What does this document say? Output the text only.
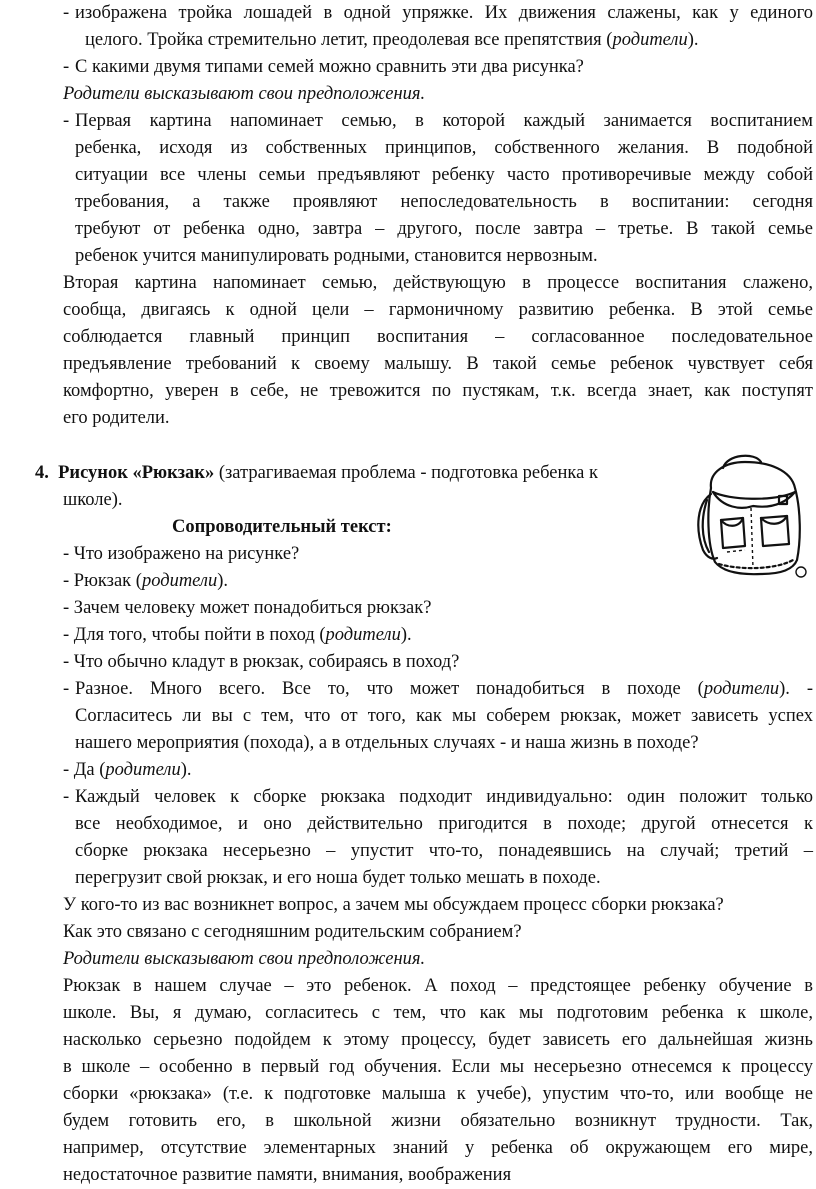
- изображена тройка лошадей в одной упряжке. Их движения слажены, как у единого
целого. Тройка стремительно летит, преодолевая все препятствия (родители).
- С какими двумя типами семей можно сравнить эти два рисунка?
Родители высказывают свои предположения.
- Первая картина напоминает семью, в которой каждый занимается воспитанием
ребенка, исходя из собственных принципов, собственного желания. В подобной
ситуации все члены семьи предъявляют ребенку часто противоречивые между собой
требования, а также проявляют непоследовательность в воспитании: сегодня
требуют от ребенка одно, завтра – другого, после завтра – третье. В такой семье
ребенок учится манипулировать родными, становится нервозным.
Вторая картина напоминает семью, действующую в процессе воспитания слажено,
сообща, двигаясь к одной цели – гармоничному развитию ребенка. В этой семье
соблюдается главный принцип воспитания – согласованное последовательное
предъявление требований к своему малышу. В такой семье ребенок чувствует себя
комфортно, уверен в себе, не тревожится по пустякам, т.к. всегда знает, как поступят
его родители.
4. Рисунок «Рюкзак» (затрагиваемая проблема - подготовка ребенка к
школе).
Сопроводительный текст:
- Что изображено на рисунке?
- Рюкзак (родители).
- Зачем человеку может понадобиться рюкзак?
- Для того, чтобы пойти в поход (родители).
- Что обычно кладут в рюкзак, собираясь в поход?
- Разное. Много всего. Все то, что может понадобиться в походе (родители). -
Согласитесь ли вы с тем, что от того, как мы соберем рюкзак, может зависеть успех
нашего мероприятия (похода), а в отдельных случаях - и наша жизнь в походе?
- Да (родители).
- Каждый человек к сборке рюкзака подходит индивидуально: один положит только
все необходимое, и оно действительно пригодится в походе; другой отнесется к
сборке рюкзака несерьезно – упустит что-то, понадеявшись на случай; третий –
перегрузит свой рюкзак, и его ноша будет только мешать в походе.
У кого-то из вас возникнет вопрос, а зачем мы обсуждаем процесс сборки рюкзака?
Как это связано с сегодняшним родительским собранием?
Родители высказывают свои предположения.
Рюкзак в нашем случае – это ребенок. А поход – предстоящее ребенку обучение в
школе. Вы, я думаю, согласитесь с тем, что как мы подготовим ребенка к школе,
насколько серьезно подойдем к этому процессу, будет зависеть его дальнейшая жизнь
в школе – особенно в первый год обучения. Если мы несерьезно отнесемся к процессу
сборки «рюкзака» (т.е. к подготовке малыша к учебе), упустим что-то, или вообще не
будем готовить его, в школьной жизни обязательно возникнут трудности. Так,
например, отсутствие элементарных знаний у ребенка об окружающем его мире,
недостаточное развитие памяти, внимания, воображения
